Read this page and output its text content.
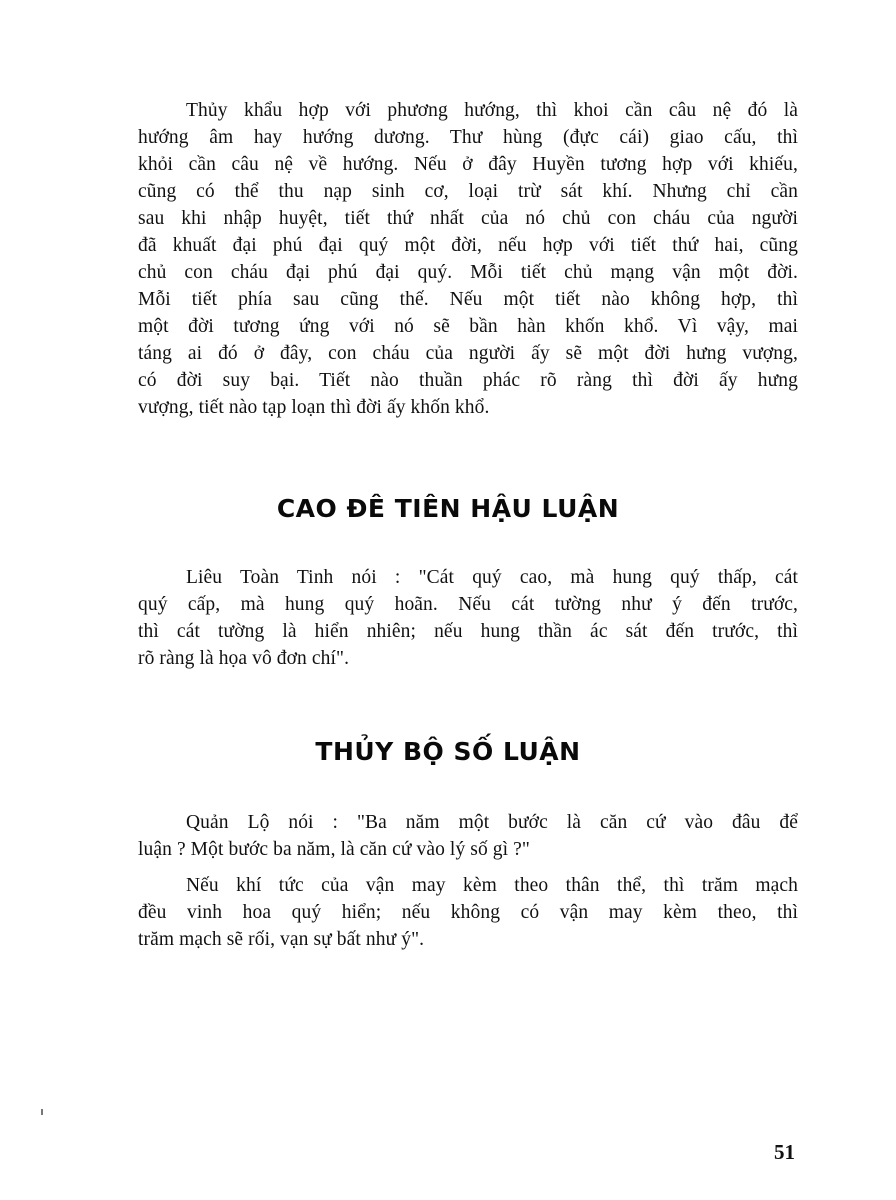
Thủy khẩu hợp với phương hướng, thì khoi cần câu nệ đó là
hướng âm hay hướng dương. Thư hùng (đực cái) giao cấu, thì
khỏi cần câu nệ về hướng. Nếu ở đây Huyền tương hợp với khiếu,
cũng có thể thu nạp sinh cơ, loại trừ sát khí. Nhưng chỉ cần
sau khi nhập huyệt, tiết thứ nhất của nó chủ con cháu của người
đã khuất đại phú đại quý một đời, nếu hợp với tiết thứ hai, cũng
chủ con cháu đại phú đại quý. Mỗi tiết chủ mạng vận một đời.
Mỗi tiết phía sau cũng thế. Nếu một tiết nào không hợp, thì
một đời tương ứng với nó sẽ bần hàn khốn khổ. Vì vậy, mai
táng ai đó ở đây, con cháu của người ấy sẽ một đời hưng vượng,
có đời suy bại. Tiết nào thuần phác rõ ràng thì đời ấy hưng
vượng, tiết nào tạp loạn thì đời ấy khốn khổ.
CAO ĐÊ TIÊN HẬU LUẬN
Liêu Toàn Tinh nói : "Cát quý cao, mà hung quý thấp, cát
quý cấp, mà hung quý hoãn. Nếu cát tường như ý đến trước,
thì cát tường là hiển nhiên; nếu hung thần ác sát đến trước, thì
rõ ràng là họa vô đơn chí".
THỦY BỘ SỐ LUẬN
Quản Lộ nói : "Ba năm một bước là căn cứ vào đâu để
luận ? Một bước ba năm, là căn cứ vào lý số gì ?"
Nếu khí tức của vận may kèm theo thân thể, thì trăm mạch
đều vinh hoa quý hiển; nếu không có vận may kèm theo, thì
trăm mạch sẽ rối, vạn sự bất như ý".
51
